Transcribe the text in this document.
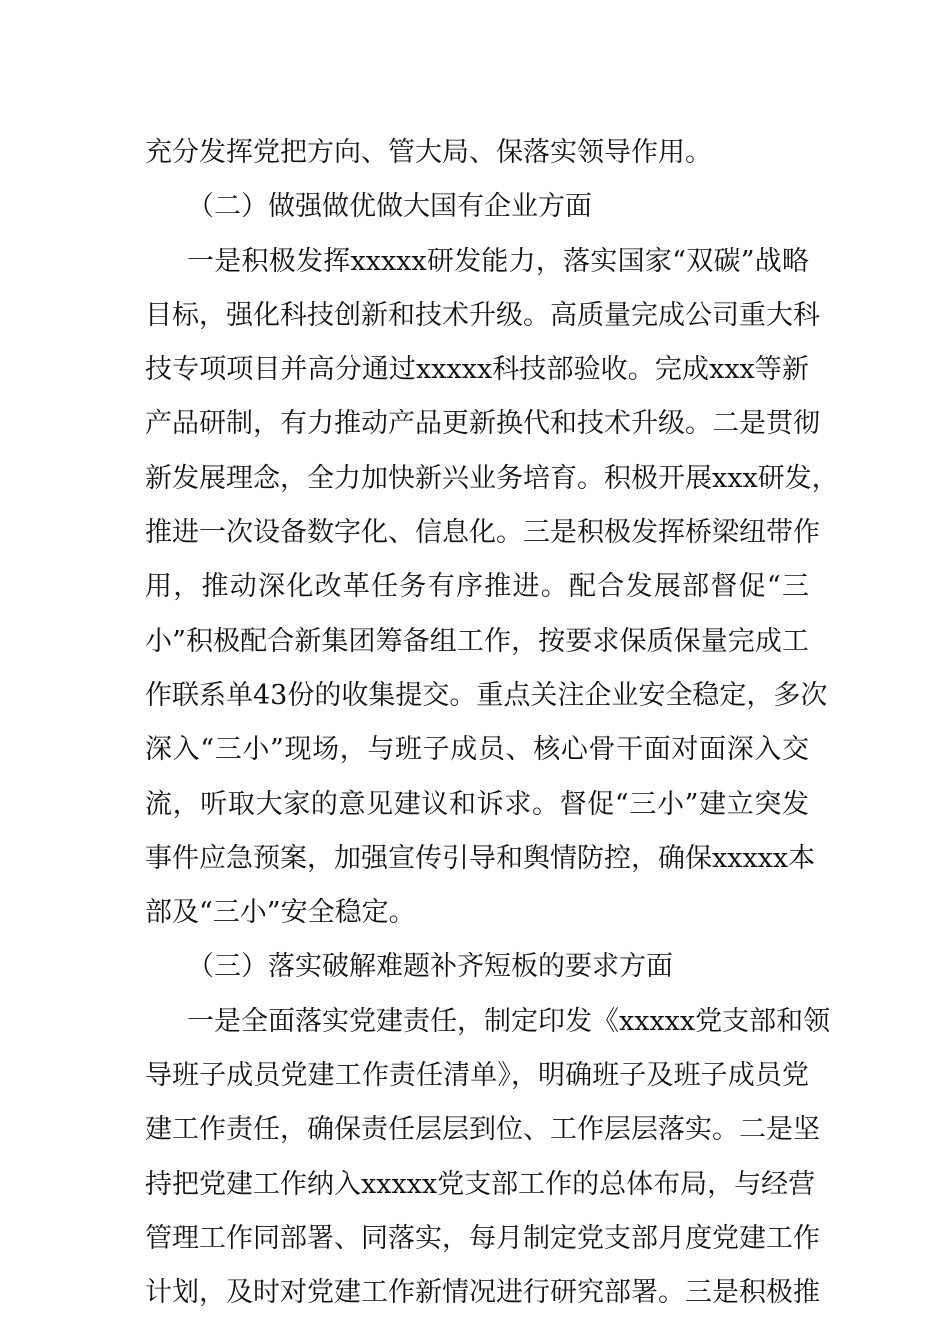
充分发挥党把方向、管大局、保落实领导作用。
（二）做强做优做大国有企业方面
一是积极发挥xxxxx研发能力，落实国家“双碳”战略
目标，强化科技创新和技术升级。高质量完成公司重大科
技专项项目并高分通过xxxxx科技部验收。完成xxx等新
产品研制，有力推动产品更新换代和技术升级。二是贯彻
新发展理念，全力加快新兴业务培育。积极开展xxx研发，
推进一次设备数字化、信息化。三是积极发挥桥梁纽带作
用，推动深化改革任务有序推进。配合发展部督促“三
小”积极配合新集团筹备组工作，按要求保质保量完成工
作联系单43份的收集提交。重点关注企业安全稳定，多次
深入“三小”现场，与班子成员、核心骨干面对面深入交
流，听取大家的意见建议和诉求。督促“三小”建立突发
事件应急预案，加强宣传引导和舆情防控，确保xxxxx本
部及“三小”安全稳定。
（三）落实破解难题补齐短板的要求方面
一是全面落实党建责任，制定印发《xxxxx党支部和领
导班子成员党建工作责任清单》，明确班子及班子成员党
建工作责任，确保责任层层到位、工作层层落实。二是坚
持把党建工作纳入xxxxx党支部工作的总体布局，与经营
管理工作同部署、同落实，每月制定党支部月度党建工作
计划，及时对党建工作新情况进行研究部署。三是积极推
